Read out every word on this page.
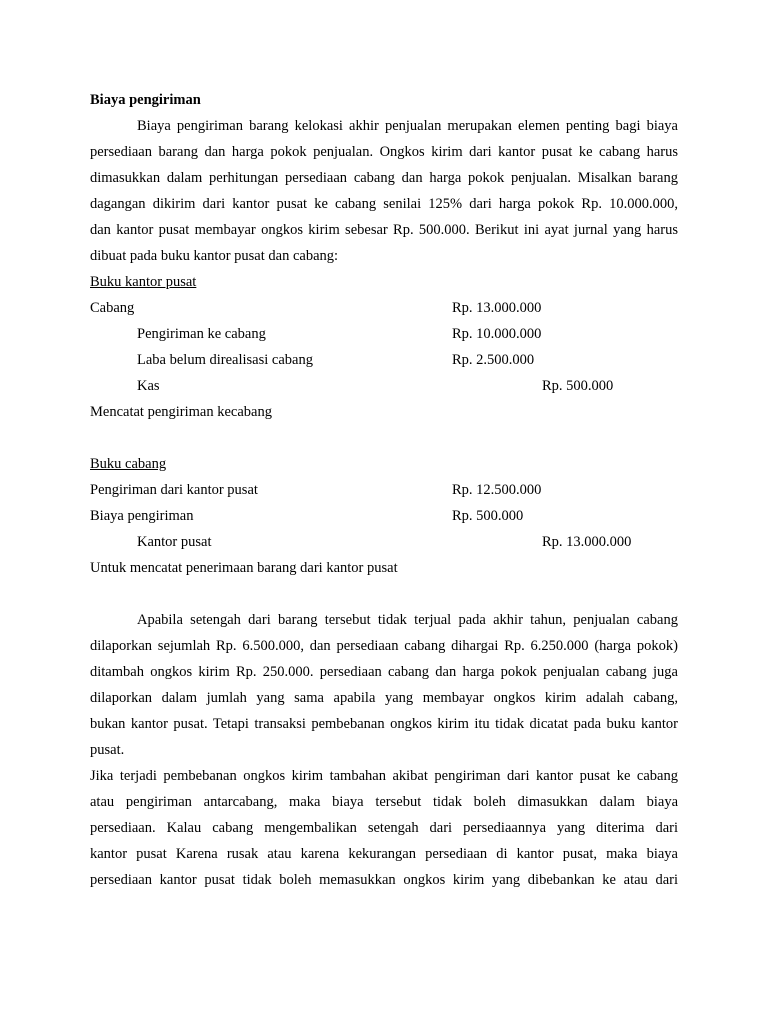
Biaya pengiriman
Biaya pengiriman barang kelokasi akhir penjualan merupakan elemen penting bagi biaya
persediaan barang dan harga pokok penjualan. Ongkos kirim dari kantor pusat ke cabang harus
dimasukkan dalam perhitungan persediaan cabang dan harga pokok penjualan. Misalkan barang
dagangan dikirim dari kantor pusat ke cabang senilai 125% dari harga pokok Rp. 10.000.000,
dan kantor pusat membayar ongkos kirim sebesar Rp. 500.000. Berikut ini ayat jurnal yang harus
dibuat pada buku kantor pusat dan cabang:
Buku kantor pusat
Cabang	Rp. 13.000.000
Pengiriman ke cabang	Rp. 10.000.000
Laba belum direalisasi cabang	Rp. 2.500.000
Kas	Rp. 500.000
Mencatat pengiriman kecabang
Buku cabang
Pengiriman dari kantor pusat	Rp. 12.500.000
Biaya pengiriman	Rp. 500.000
Kantor pusat	Rp. 13.000.000
Untuk mencatat penerimaan barang dari kantor pusat
Apabila setengah dari barang tersebut tidak terjual pada akhir tahun, penjualan cabang
dilaporkan sejumlah Rp. 6.500.000, dan persediaan cabang dihargai Rp. 6.250.000 (harga pokok)
ditambah ongkos kirim Rp. 250.000. persediaan cabang dan harga pokok penjualan cabang juga
dilaporkan dalam jumlah yang sama apabila yang membayar ongkos kirim adalah cabang,
bukan kantor pusat. Tetapi transaksi pembebanan ongkos kirim itu tidak dicatat pada buku kantor
pusat.
Jika terjadi pembebanan ongkos kirim tambahan akibat pengiriman dari kantor pusat ke cabang
atau pengiriman antarcabang, maka biaya tersebut tidak boleh dimasukkan dalam biaya
persediaan. Kalau cabang mengembalikan setengah dari persediaannya yang diterima dari
kantor pusat Karena rusak atau karena kekurangan persediaan di kantor pusat, maka biaya
persediaan kantor pusat tidak boleh memasukkan ongkos kirim yang dibebankan ke atau dari
